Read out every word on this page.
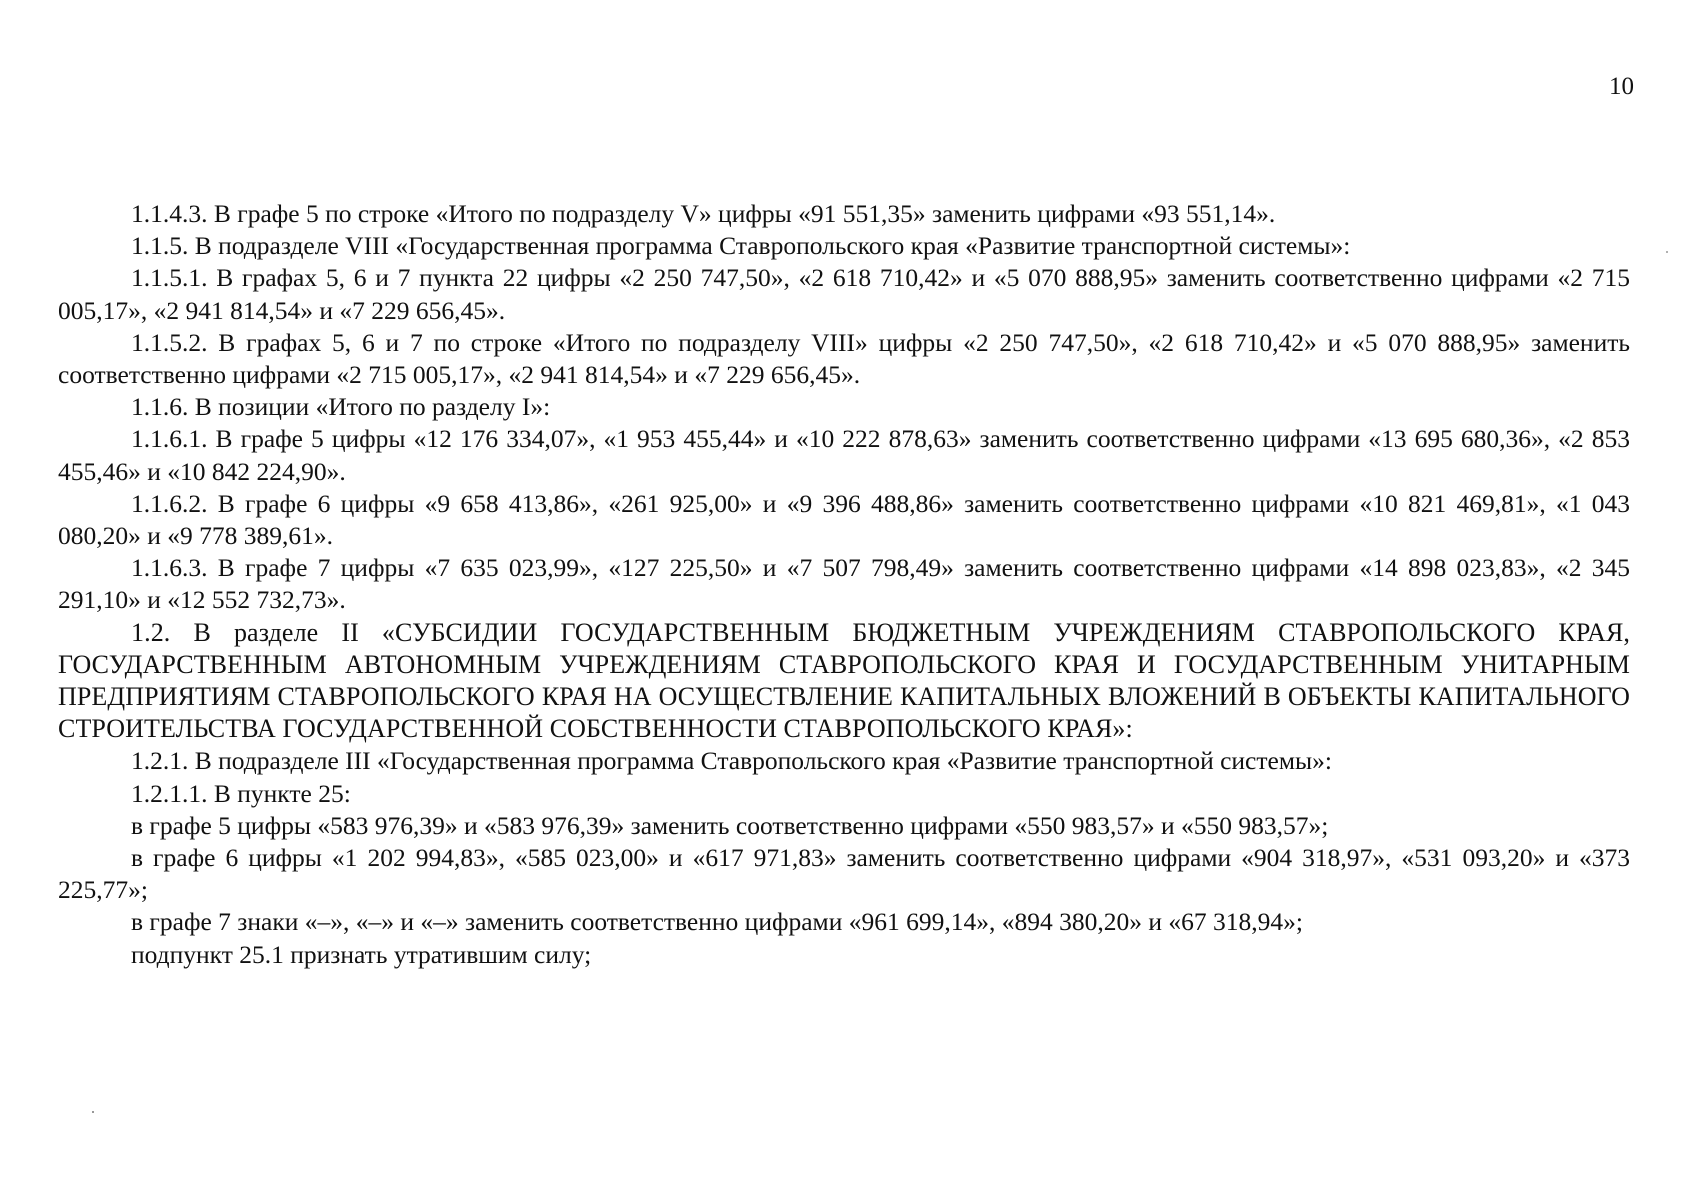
10

1.1.4.3. В графе 5 по строке «Итого по подразделу V» цифры «91 551,35» заменить цифрами «93 551,14».

1.1.5. В подразделе VIII «Государственная программа Ставропольского края «Развитие транспортной системы»:

1.1.5.1. В графах 5, 6 и 7 пункта 22 цифры «2 250 747,50», «2 618 710,42» и «5 070 888,95» заменить соответственно цифрами «2 715 005,17», «2 941 814,54» и «7 229 656,45».

1.1.5.2. В графах 5, 6 и 7 по строке «Итого по подразделу VIII» цифры «2 250 747,50», «2 618 710,42» и «5 070 888,95» заменить соответственно цифрами «2 715 005,17», «2 941 814,54» и «7 229 656,45».

1.1.6. В позиции «Итого по разделу I»:

1.1.6.1. В графе 5 цифры «12 176 334,07», «1 953 455,44» и «10 222 878,63» заменить соответственно цифрами «13 695 680,36», «2 853 455,46» и «10 842 224,90».

1.1.6.2. В графе 6 цифры «9 658 413,86», «261 925,00» и «9 396 488,86» заменить соответственно цифрами «10 821 469,81», «1 043 080,20» и «9 778 389,61».

1.1.6.3. В графе 7 цифры «7 635 023,99», «127 225,50» и «7 507 798,49» заменить соответственно цифрами «14 898 023,83», «2 345 291,10» и «12 552 732,73».

1.2. В разделе II «СУБСИДИИ ГОСУДАРСТВЕННЫМ БЮДЖЕТНЫМ УЧРЕЖДЕНИЯМ СТАВРОПОЛЬСКОГО КРАЯ, ГОСУДАРСТВЕННЫМ АВТОНОМНЫМ УЧРЕЖДЕНИЯМ СТАВРОПОЛЬСКОГО КРАЯ И ГОСУДАРСТВЕННЫМ УНИТАРНЫМ ПРЕДПРИЯТИЯМ СТАВРОПОЛЬСКОГО КРАЯ НА ОСУЩЕСТВЛЕНИЕ КАПИТАЛЬНЫХ ВЛОЖЕНИЙ В ОБЪЕКТЫ КАПИТАЛЬНОГО СТРОИТЕЛЬСТВА ГОСУДАРСТВЕННОЙ СОБСТВЕННОСТИ СТАВРОПОЛЬСКОГО КРАЯ»:

1.2.1. В подразделе III «Государственная программа Ставропольского края «Развитие транспортной системы»:

1.2.1.1. В пункте 25:

в графе 5 цифры «583 976,39» и «583 976,39» заменить соответственно цифрами «550 983,57» и «550 983,57»;

в графе 6 цифры «1 202 994,83», «585 023,00» и «617 971,83» заменить соответственно цифрами «904 318,97», «531 093,20» и «373 225,77»;

в графе 7 знаки «–», «–» и «–» заменить соответственно цифрами «961 699,14», «894 380,20» и «67 318,94»;

подпункт 25.1 признать утратившим силу;
